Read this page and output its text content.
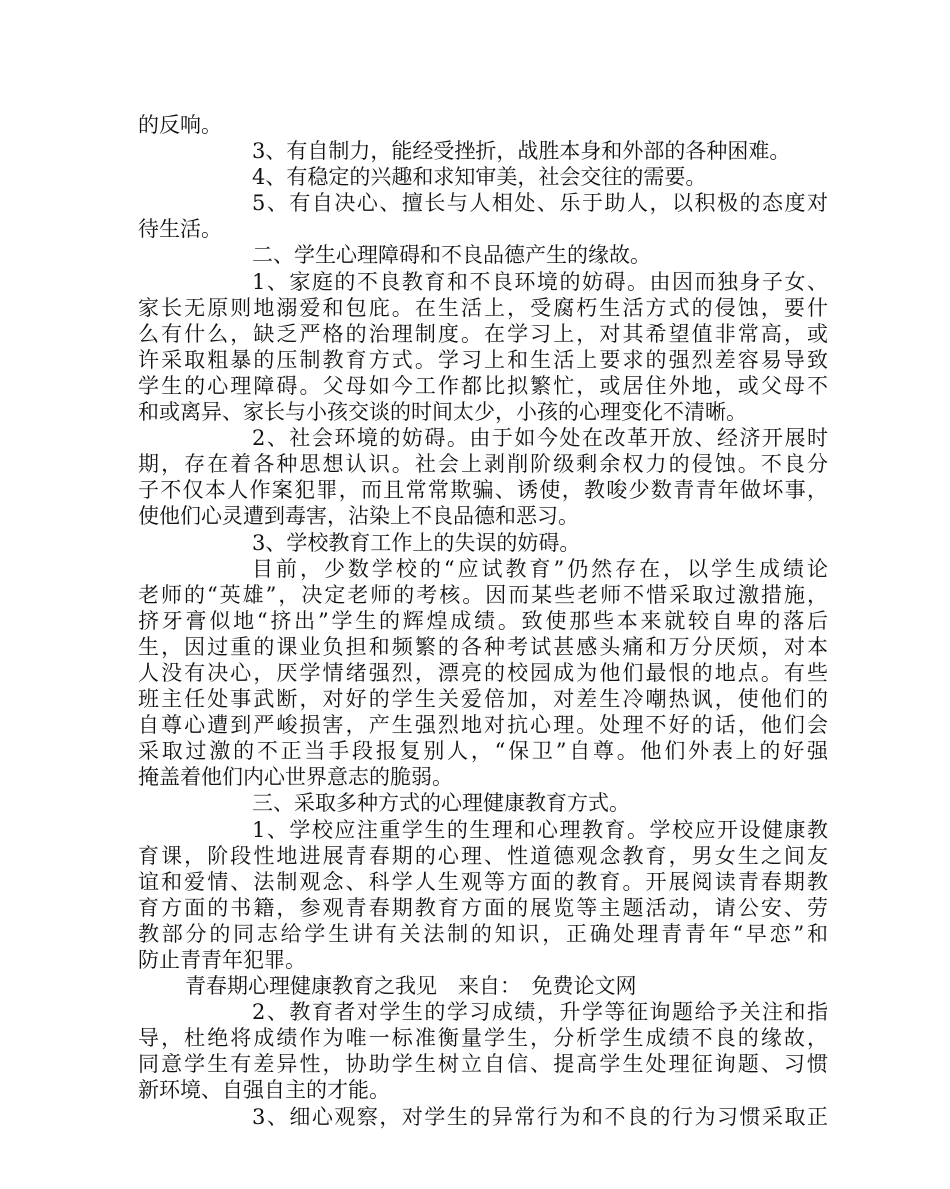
的反响。
3、有自制力，能经受挫折，战胜本身和外部的各种困难。
4、有稳定的兴趣和求知审美，社会交往的需要。
5、有自决心、擅长与人相处、乐于助人，以积极的态度对
待生活。
二、学生心理障碍和不良品德产生的缘故。
1、家庭的不良教育和不良环境的妨碍。由因而独身子女、
家长无原则地溺爱和包庇。在生活上，受腐朽生活方式的侵蚀，要什
么有什么，缺乏严格的治理制度。在学习上，对其希望值非常高，或
许采取粗暴的压制教育方式。学习上和生活上要求的强烈差容易导致
学生的心理障碍。父母如今工作都比拟繁忙，或居住外地，或父母不
和或离异、家长与小孩交谈的时间太少，小孩的心理变化不清晰。
2、社会环境的妨碍。由于如今处在改革开放、经济开展时
期，存在着各种思想认识。社会上剥削阶级剩余权力的侵蚀。不良分
子不仅本人作案犯罪，而且常常欺骗、诱使，教唆少数青青年做坏事，
使他们心灵遭到毒害，沾染上不良品德和恶习。
3、学校教育工作上的失误的妨碍。
目前，少数学校的“应试教育”仍然存在，以学生成绩论
老师的“英雄”，决定老师的考核。因而某些老师不惜采取过激措施，
挤牙膏似地“挤出”学生的辉煌成绩。致使那些本来就较自卑的落后
生，因过重的课业负担和频繁的各种考试甚感头痛和万分厌烦，对本
人没有决心，厌学情绪强烈，漂亮的校园成为他们最恨的地点。有些
班主任处事武断，对好的学生关爱倍加，对差生冷嘲热讽，使他们的
自尊心遭到严峻损害，产生强烈地对抗心理。处理不好的话，他们会
采取过激的不正当手段报复别人，“保卫”自尊。他们外表上的好强
掩盖着他们内心世界意志的脆弱。
三、采取多种方式的心理健康教育方式。
1、学校应注重学生的生理和心理教育。学校应开设健康教
育课，阶段性地进展青春期的心理、性道德观念教育，男女生之间友
谊和爱情、法制观念、科学人生观等方面的教育。开展阅读青春期教
育方面的书籍，参观青春期教育方面的展览等主题活动，请公安、劳
教部分的同志给学生讲有关法制的知识，正确处理青青年“早恋”和
防止青青年犯罪。
青春期心理健康教育之我见　来自：　免费论文网
2、教育者对学生的学习成绩，升学等征询题给予关注和指
导，杜绝将成绩作为唯一标准衡量学生，分析学生成绩不良的缘故，
同意学生有差异性，协助学生树立自信、提高学生处理征询题、习惯
新环境、自强自主的才能。
3、细心观察，对学生的异常行为和不良的行为习惯采取正
